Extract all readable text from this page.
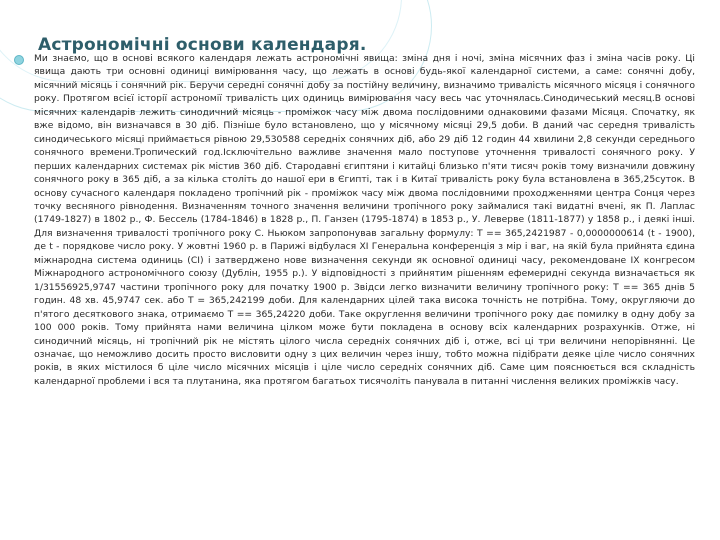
Астрономічні основи календаря.

Ми знаємо, що в основі всякого календаря лежать астрономічні явища: зміна дня і ночі, зміна місячних фаз і зміна часів року. Ці явища дають три основні одиниці вимірювання часу, що лежать в основі будь-якої календарної системи, а саме: сонячні добу, місячний місяць і сонячний рік. Беручи середні сонячні добу за постійну величину, визначимо тривалість місячного місяця і сонячного року. Протягом всієї історії астрономії тривалість цих одиниць вимірювання часу весь час уточнялась.Синодичеський месяц.В основі місячних календарів лежить синодичний місяць - проміжок часу між двома послідовними однаковими фазами Місяця. Спочатку, як вже відомо, він визначався в 30 діб. Пізніше було встановлено, що у місячному місяці 29,5 доби. В даний час середня тривалість синодичеського місяці приймається рівною 29,530588 середніх сонячних діб, або 29 діб 12 годин 44 хвилини 2,8 секунди середнього сонячного времени.Тропический год.Ісключітельно важливе значення мало поступове уточнення тривалості сонячного року. У перших календарних системах рік містив 360 діб. Стародавні єгиптяни і китайці близько п'яти тисяч років тому визначили довжину сонячного року в 365 діб, а за кілька століть до нашої ери в Єгипті, так і в Китаї тривалість року була встановлена в 365,25суток. В основу сучасного календаря покладено тропічний рік - проміжок часу між двома послідовними проходженнями центра Сонця через точку весняного рівнодення. Визначенням точного значення величини тропічного року займалися такі видатні вчені, як П. Лаплас (1749-1827) в 1802 р., Ф. Бессель (1784-1846) в 1828 р., П. Ганзен (1795-1874) в 1853 р., У. Леверве (1811-1877) у 1858 р., і деякі інші. Для визначення тривалості тропічного року С. Ньюком запропонував загальну формулу: Т == 365,2421987 - 0,0000000614 (t - 1900), де t - порядкове число року. У жовтні 1960 р. в Парижі відбулася XI Генеральна конференція з мір і ваг, на якій була прийнята єдина міжнародна система одиниць (СІ) і затверджено нове визначення секунди як основної одиниці часу, рекомендоване IX конгресом Міжнародного астрономічного союзу (Дублін, 1955 р.). У відповідності з прийнятим рішенням ефемеридні секунда визначається як 1/31556925,9747 частини тропічного року для початку 1900 р. Звідси легко визначити величину тропічного року: Т == 365 днів 5 годин. 48 хв. 45,9747 сек. або Т = 365,242199 доби. Для календарних цілей така висока точність не потрібна. Тому, округляючи до п'ятого десяткового знака, отримаємо Т == 365,24220 доби. Таке округлення величини тропічного року дає помилку в одну добу за 100 000 років. Тому прийнята нами величина цілком може бути покладена в основу всіх календарних розрахунків. Отже, ні синодичний місяць, ні тропічний рік не містять цілого числа середніх сонячних діб і, отже, всі ці три величини непорівнянні. Це означає, що неможливо досить просто висловити одну з цих величин через іншу, тобто можна підібрати деяке ціле число сонячних років, в яких містилося б ціле число місячних місяців і ціле число середніх сонячних діб. Саме цим пояснюється вся складність календарної проблеми і вся та плутанина, яка протягом багатьох тисячоліть панувала в питанні числення великих проміжків часу.
